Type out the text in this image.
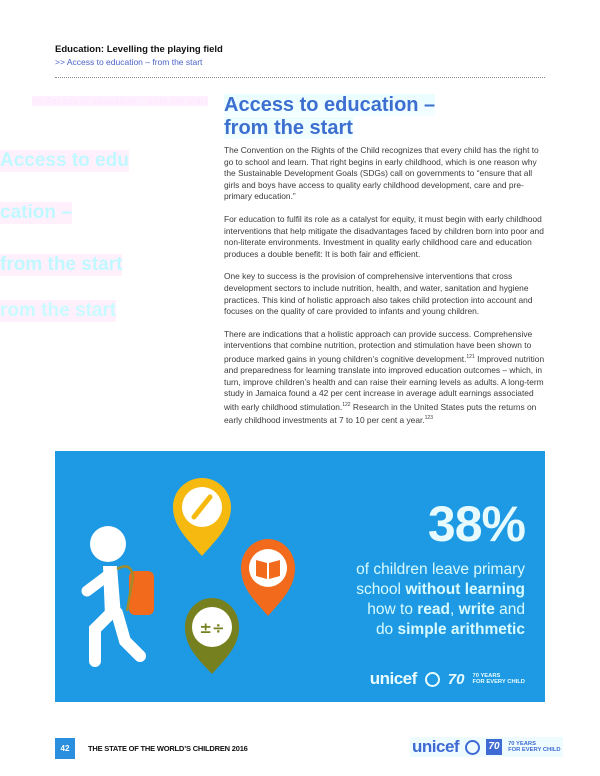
Education: Levelling the playing field
>> Access to education – from the start
>> Access to education – from the start
cation –
Access to edu
from the start
rom the start
Access to education –
from the start

The Convention on the Rights of the Child recognizes that every child has the right to go to school and learn. That right begins in early childhood, which is one reason why the Sustainable Development Goals (SDGs) call on governments to “ensure that all girls and boys have access to quality early childhood development, care and pre-primary education.”

For education to fulfil its role as a catalyst for equity, it must begin with early childhood interventions that help mitigate the disadvantages faced by children born into poor and non-literate environments. Investment in quality early childhood care and education produces a double benefit: It is both fair and efficient.

One key to success is the provision of comprehensive interventions that cross development sectors to include nutrition, health, and water, sanitation and hygiene practices. This kind of holistic approach also takes child protection into account and focuses on the quality of care provided to infants and young children.

There are indications that a holistic approach can provide success. Comprehensive interventions that combine nutrition, protection and stimulation have been shown to produce marked gains in young children’s cognitive development.$^{121}$ Improved nutrition and preparedness for learning translate into improved education outcomes – which, in turn, improve children’s health and can raise their earning levels as adults. A long-term study in Jamaica found a 42 per cent increase in average adult earnings associated with early childhood stimulation.$^{122}$ Research in the United States puts the returns on early childhood investments at 7 to 10 per cent a year.$^{123}$

±÷
38%
of children leave primary
school without learning
how to read, write and
do simple arithmetic
unicef 70 70 YEARS
FOR EVERY CHILD
42	THE STATE OF THE WORLD’S CHILDREN 2016	unicef	70	70 YEARS
FOR EVERY CHILD
